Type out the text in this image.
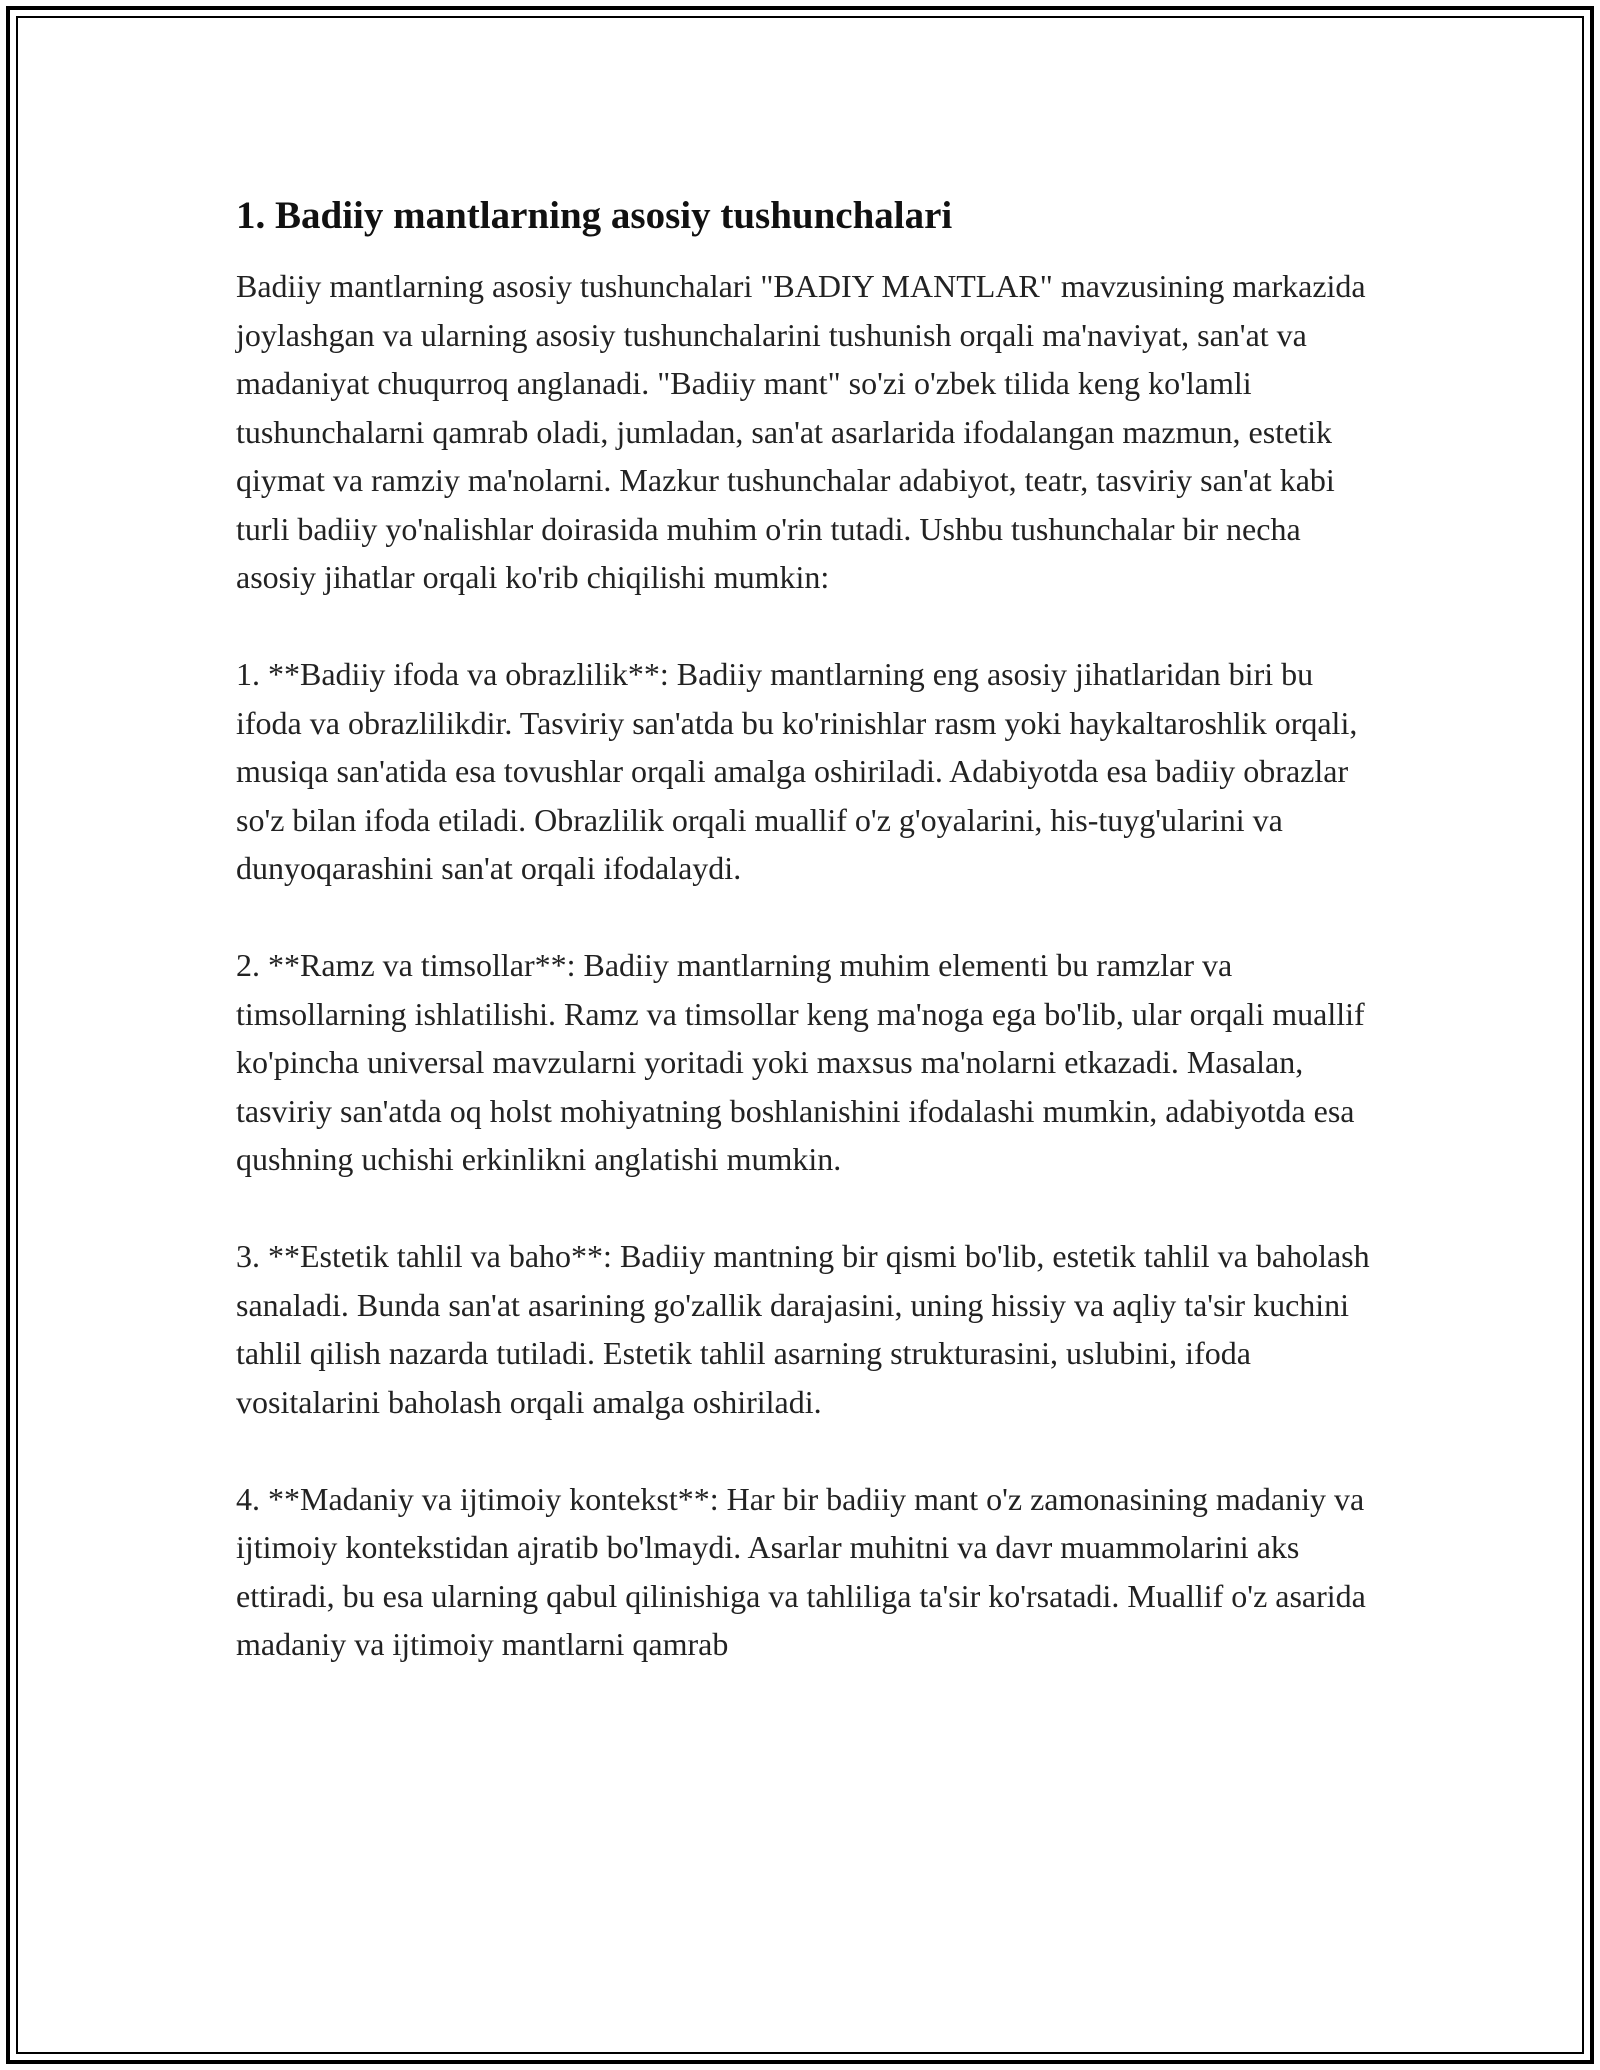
1. Badiiy mantlarning asosiy tushunchalari

Badiiy mantlarning asosiy tushunchalari "BADIY MANTLAR" mavzusining markazida joylashgan va ularning asosiy tushunchalarini tushunish orqali ma'naviyat, san'at va madaniyat chuqurroq anglanadi. "Badiiy mant" so'zi o'zbek tilida keng ko'lamli tushunchalarni qamrab oladi, jumladan, san'at asarlarida ifodalangan mazmun, estetik qiymat va ramziy ma'nolarni. Mazkur tushunchalar adabiyot, teatr, tasviriy san'at kabi turli badiiy yo'nalishlar doirasida muhim o'rin tutadi. Ushbu tushunchalar bir necha asosiy jihatlar orqali ko'rib chiqilishi mumkin:

1. **Badiiy ifoda va obrazlilik**: Badiiy mantlarning eng asosiy jihatlaridan biri bu ifoda va obrazlilikdir. Tasviriy san'atda bu ko'rinishlar rasm yoki haykaltaroshlik orqali, musiqa san'atida esa tovushlar orqali amalga oshiriladi. Adabiyotda esa badiiy obrazlar so'z bilan ifoda etiladi. Obrazlilik orqali muallif o'z g'oyalarini, his-tuyg'ularini va dunyoqarashini san'at orqali ifodalaydi.

2. **Ramz va timsollar**: Badiiy mantlarning muhim elementi bu ramzlar va timsollarning ishlatilishi. Ramz va timsollar keng ma'noga ega bo'lib, ular orqali muallif ko'pincha universal mavzularni yoritadi yoki maxsus ma'nolarni etkazadi. Masalan, tasviriy san'atda oq holst mohiyatning boshlanishini ifodalashi mumkin, adabiyotda esa qushning uchishi erkinlikni anglatishi mumkin.

3. **Estetik tahlil va baho**: Badiiy mantning bir qismi bo'lib, estetik tahlil va baholash sanaladi. Bunda san'at asarining go'zallik darajasini, uning hissiy va aqliy ta'sir kuchini tahlil qilish nazarda tutiladi. Estetik tahlil asarning strukturasini, uslubini, ifoda vositalarini baholash orqali amalga oshiriladi.

4. **Madaniy va ijtimoiy kontekst**: Har bir badiiy mant o'z zamonasining madaniy va ijtimoiy kontekstidan ajratib bo'lmaydi. Asarlar muhitni va davr muammolarini aks ettiradi, bu esa ularning qabul qilinishiga va tahliliga ta'sir ko'rsatadi. Muallif o'z asarida madaniy va ijtimoiy mantlarni qamrab
